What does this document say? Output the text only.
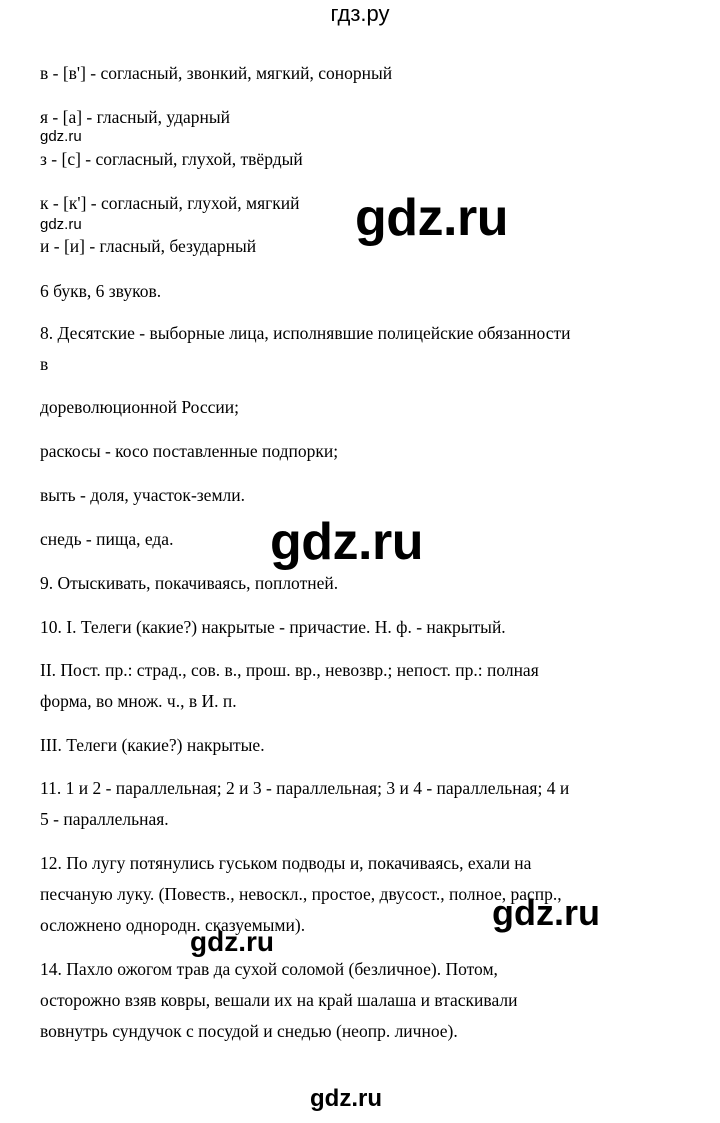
гдз.ру
в - [в'] - согласный, звонкий, мягкий, сонорный
я - [а] - гласный, ударный
з - [с] - согласный, глухой, твёрдый
к - [к'] - согласный, глухой, мягкий
и - [и] - гласный, безударный
6 букв, 6 звуков.
8. Десятские - выборные лица, исполнявшие полицейские обязанности
в
дореволюционной России;
раскосы - косо поставленные подпорки;
выть - доля, участок-земли.
снедь - пища, еда.
9. Отыскивать, покачиваясь, поплотней.
10. I. Телеги (какие?) накрытые - причастие. Н. ф. - накрытый.
II. Пост. пр.: страд., сов. в., прош. вр., невозвр.; непост. пр.: полная
форма, во множ. ч., в И. п.
III. Телеги (какие?) накрытые.
11. 1 и 2 - параллельная; 2 и 3 - параллельная; 3 и 4 - параллельная; 4 и
5 - параллельная.
12. По лугу потянулись гуськом подводы и, покачиваясь, ехали на
песчаную луку. (Повеств., невоскл., простое, двусост., полное, распр.,
осложнено однородн. сказуемыми).
14. Пахло ожогом трав да сухой соломой (безличное). Потом,
осторожно взяв ковры, вешали их на край шалаша и втаскивали
вовнутрь сундучок с посудой и снедью (неопр. личное).
gdz.ru
gdz.ru	gdz.ru
gdz.ru
gdz.ru
gdz.ru
gdz.ru
